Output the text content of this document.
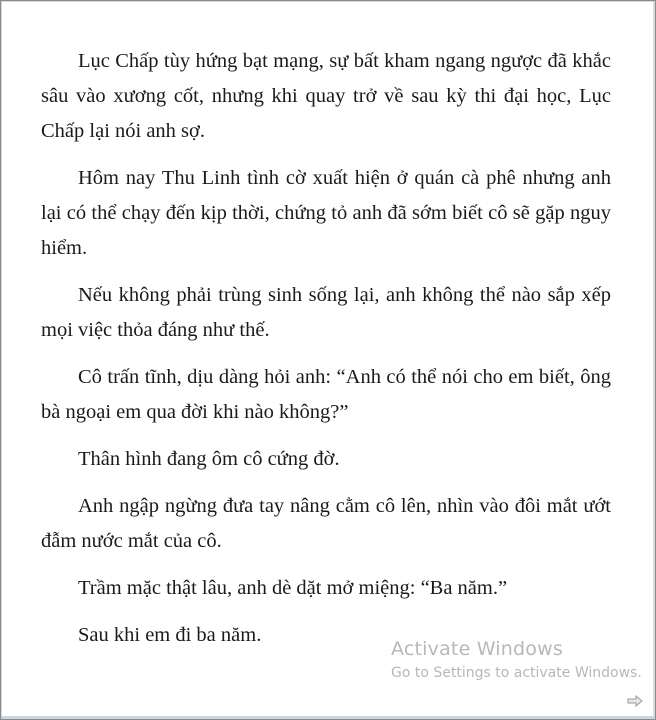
Lục Chấp tùy hứng bạt mạng, sự bất kham ngang ngược đã khắc sâu vào xương cốt, nhưng khi quay trở về sau kỳ thi đại học, Lục Chấp lại nói anh sợ.

Hôm nay Thu Linh tình cờ xuất hiện ở quán cà phê nhưng anh lại có thể chạy đến kịp thời, chứng tỏ anh đã sớm biết cô sẽ gặp nguy hiểm.

Nếu không phải trùng sinh sống lại, anh không thể nào sắp xếp mọi việc thỏa đáng như thế.

Cô trấn tĩnh, dịu dàng hỏi anh: “Anh có thể nói cho em biết, ông bà ngoại em qua đời khi nào không?”

Thân hình đang ôm cô cứng đờ.

Anh ngập ngừng đưa tay nâng cằm cô lên, nhìn vào đôi mắt ướt đẫm nước mắt của cô.

Trầm mặc thật lâu, anh dè dặt mở miệng: “Ba năm.”

Sau khi em đi ba năm.

Activate Windows
Go to Settings to activate Windows.
